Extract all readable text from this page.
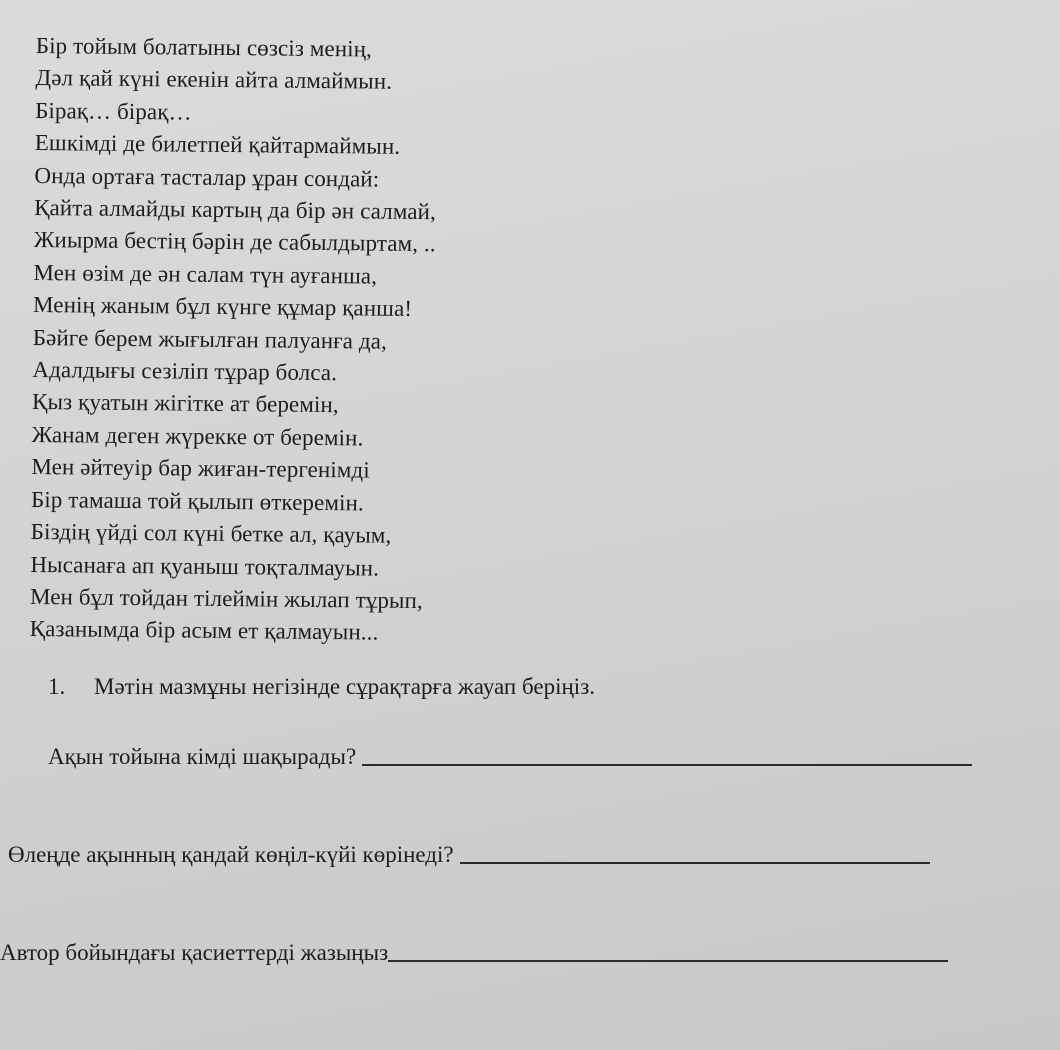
Бір тойым болатыны сөзсіз менің,
Дәл қай күні екенін айта алмаймын.
Бірақ… бірақ…
Ешкімді де билетпей қайтармаймын.
Онда ортаға тасталар ұран сондай:
Қайта алмайды картың да бір ән салмай,
Жиырма бестің бәрін де сабылдыртам, ..
Мен өзім де ән салам түн ауғанша,
Менің жаным бұл күнге құмар қанша!
Бәйге берем жығылған палуанға да,
Адалдығы сезіліп тұрар болса.
Қыз қуатын жігітке ат беремін,
Жанам деген жүрекке от беремін.
Мен әйтеуір бар жиған-тергенімді
Бір тамаша той қылып өткеремін.
Біздің үйді сол күні бетке ал, қауым,
Нысанаға ап қуаныш тоқталмауын.
Мен бұл тойдан тілеймін жылап тұрып,
Қазанымда бір асым ет қалмауын...
1. Мәтін мазмұны негізінде сұрақтарға жауап беріңіз.
Ақын тойына кімді шақырады?
Өлеңде ақынның қандай көңіл-күйі көрінеді?
Автор бойындағы қасиеттерді жазыңыз
